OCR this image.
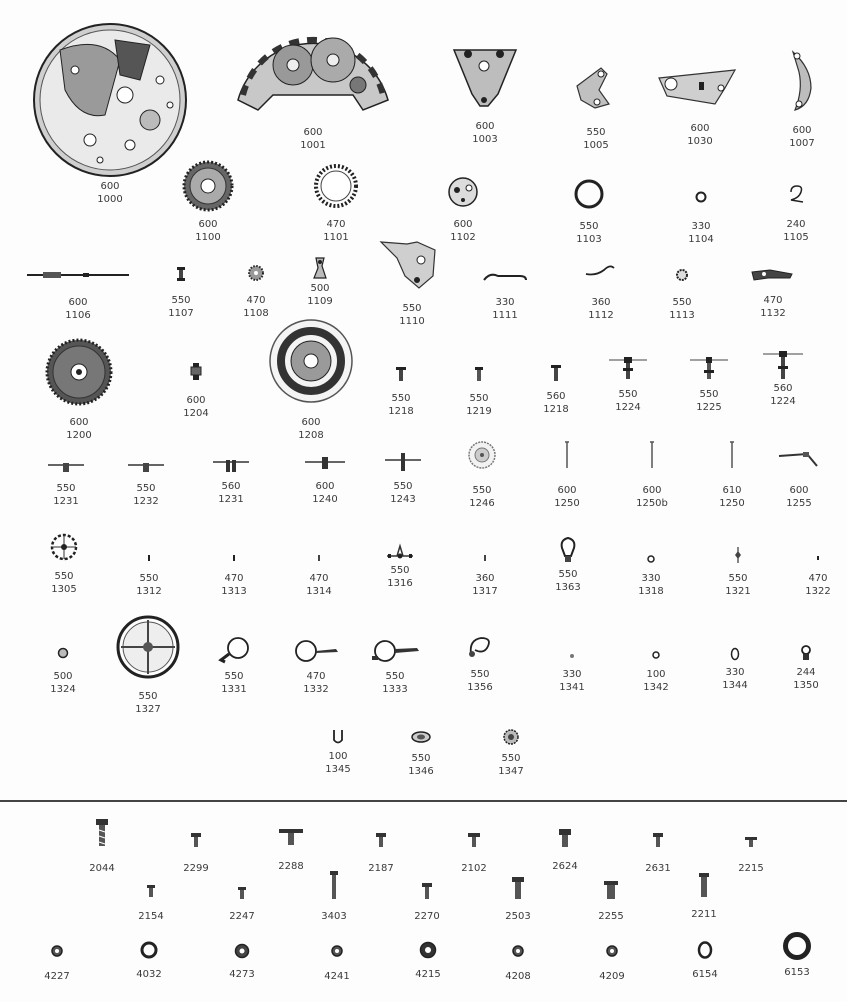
600
1000
600
1001
600
1003
550
1005
600
1030
600
1007
600
1100
470
1101
600
1102
550
1103
330
1104
240
1105
600
1106
550
1107
470
1108
500
1109
550
1110
330
1111
360
1112
550
1113
470
1132
600
1200
600
1204
600
1208
550
1218
550
1219
560
1218
550
1224
550
1225
560
1224
550
1231
550
1232
560
1231
600
1240
550
1243
550
1246
600
1250
600
1250b
610
1250
600
1255
550
1305
550
1312
470
1313
470
1314
550
1316	360
1317
550
1363
330
1318
550
1321
470
1322
500
1324
550
1327
550
1331
470
1332
550
1333
550
1356
330
1341
100
1342
330
1344
244
1350
100
1345
550
1346
550
1347
2044	2299	2288	2187	2102	2624	2631	2215
2154	2247	3403	2270	2503	2255	2211
4227	4032	4273	4241	4215	4208	4209	6154	6153
